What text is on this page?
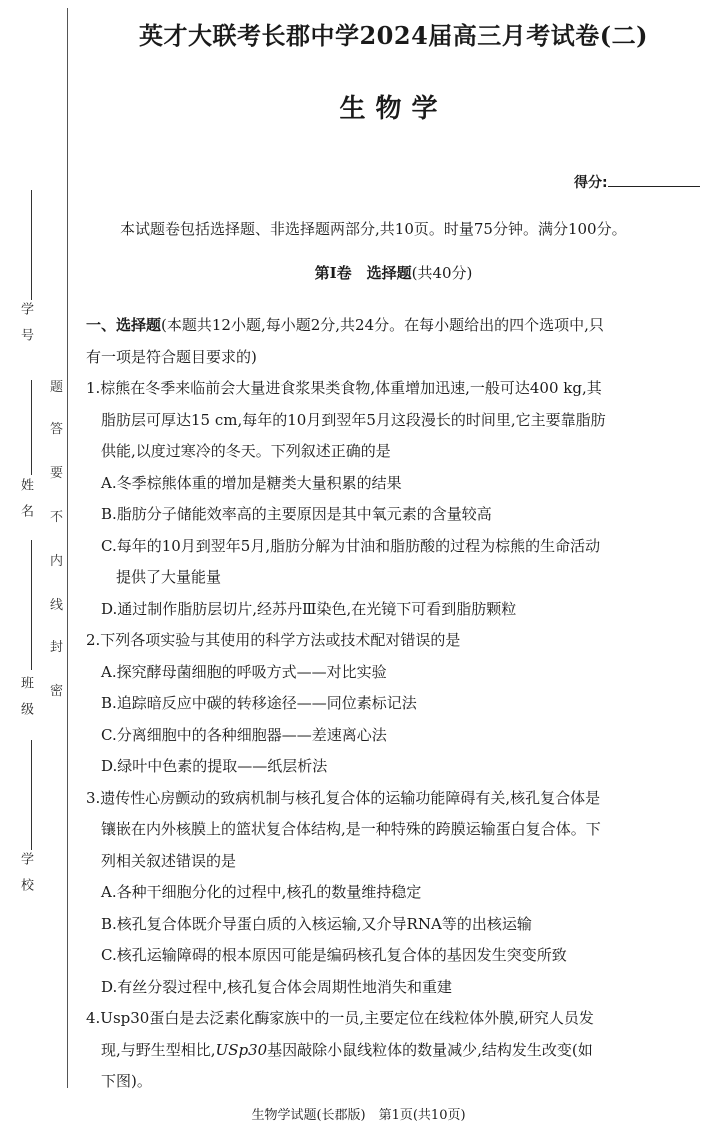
学　号
姓　名
班　级
学　校
题
答
要
不
内
线
封
密
英才大联考长郡中学2024届高三月考试卷(二)
生物学
得分:
本试题卷包括选择题、非选择题两部分,共10页。时量75分钟。满分100分。
第Ⅰ卷　选择题(共40分)
一、选择题(本题共12小题,每小题2分,共24分。在每小题给出的四个选项中,只
有一项是符合题目要求的)
1.棕熊在冬季来临前会大量进食浆果类食物,体重增加迅速,一般可达400 kg,其
脂肪层可厚达15 cm,每年的10月到翌年5月这段漫长的时间里,它主要靠脂肪
供能,以度过寒冷的冬天。下列叙述正确的是
A.冬季棕熊体重的增加是糖类大量积累的结果
B.脂肪分子储能效率高的主要原因是其中氧元素的含量较高
C.每年的10月到翌年5月,脂肪分解为甘油和脂肪酸的过程为棕熊的生命活动
提供了大量能量
D.通过制作脂肪层切片,经苏丹Ⅲ染色,在光镜下可看到脂肪颗粒
2.下列各项实验与其使用的科学方法或技术配对错误的是
A.探究酵母菌细胞的呼吸方式——对比实验
B.追踪暗反应中碳的转移途径——同位素标记法
C.分离细胞中的各种细胞器——差速离心法
D.绿叶中色素的提取——纸层析法
3.遗传性心房颤动的致病机制与核孔复合体的运输功能障碍有关,核孔复合体是
镶嵌在内外核膜上的篮状复合体结构,是一种特殊的跨膜运输蛋白复合体。下
列相关叙述错误的是
A.各种干细胞分化的过程中,核孔的数量维持稳定
B.核孔复合体既介导蛋白质的入核运输,又介导RNA等的出核运输
C.核孔运输障碍的根本原因可能是编码核孔复合体的基因发生突变所致
D.有丝分裂过程中,核孔复合体会周期性地消失和重建
4.Usp30蛋白是去泛素化酶家族中的一员,主要定位在线粒体外膜,研究人员发
现,与野生型相比,USp30基因敲除小鼠线粒体的数量减少,结构发生改变(如
下图)。
生物学试题(长郡版)　第1页(共10页)
